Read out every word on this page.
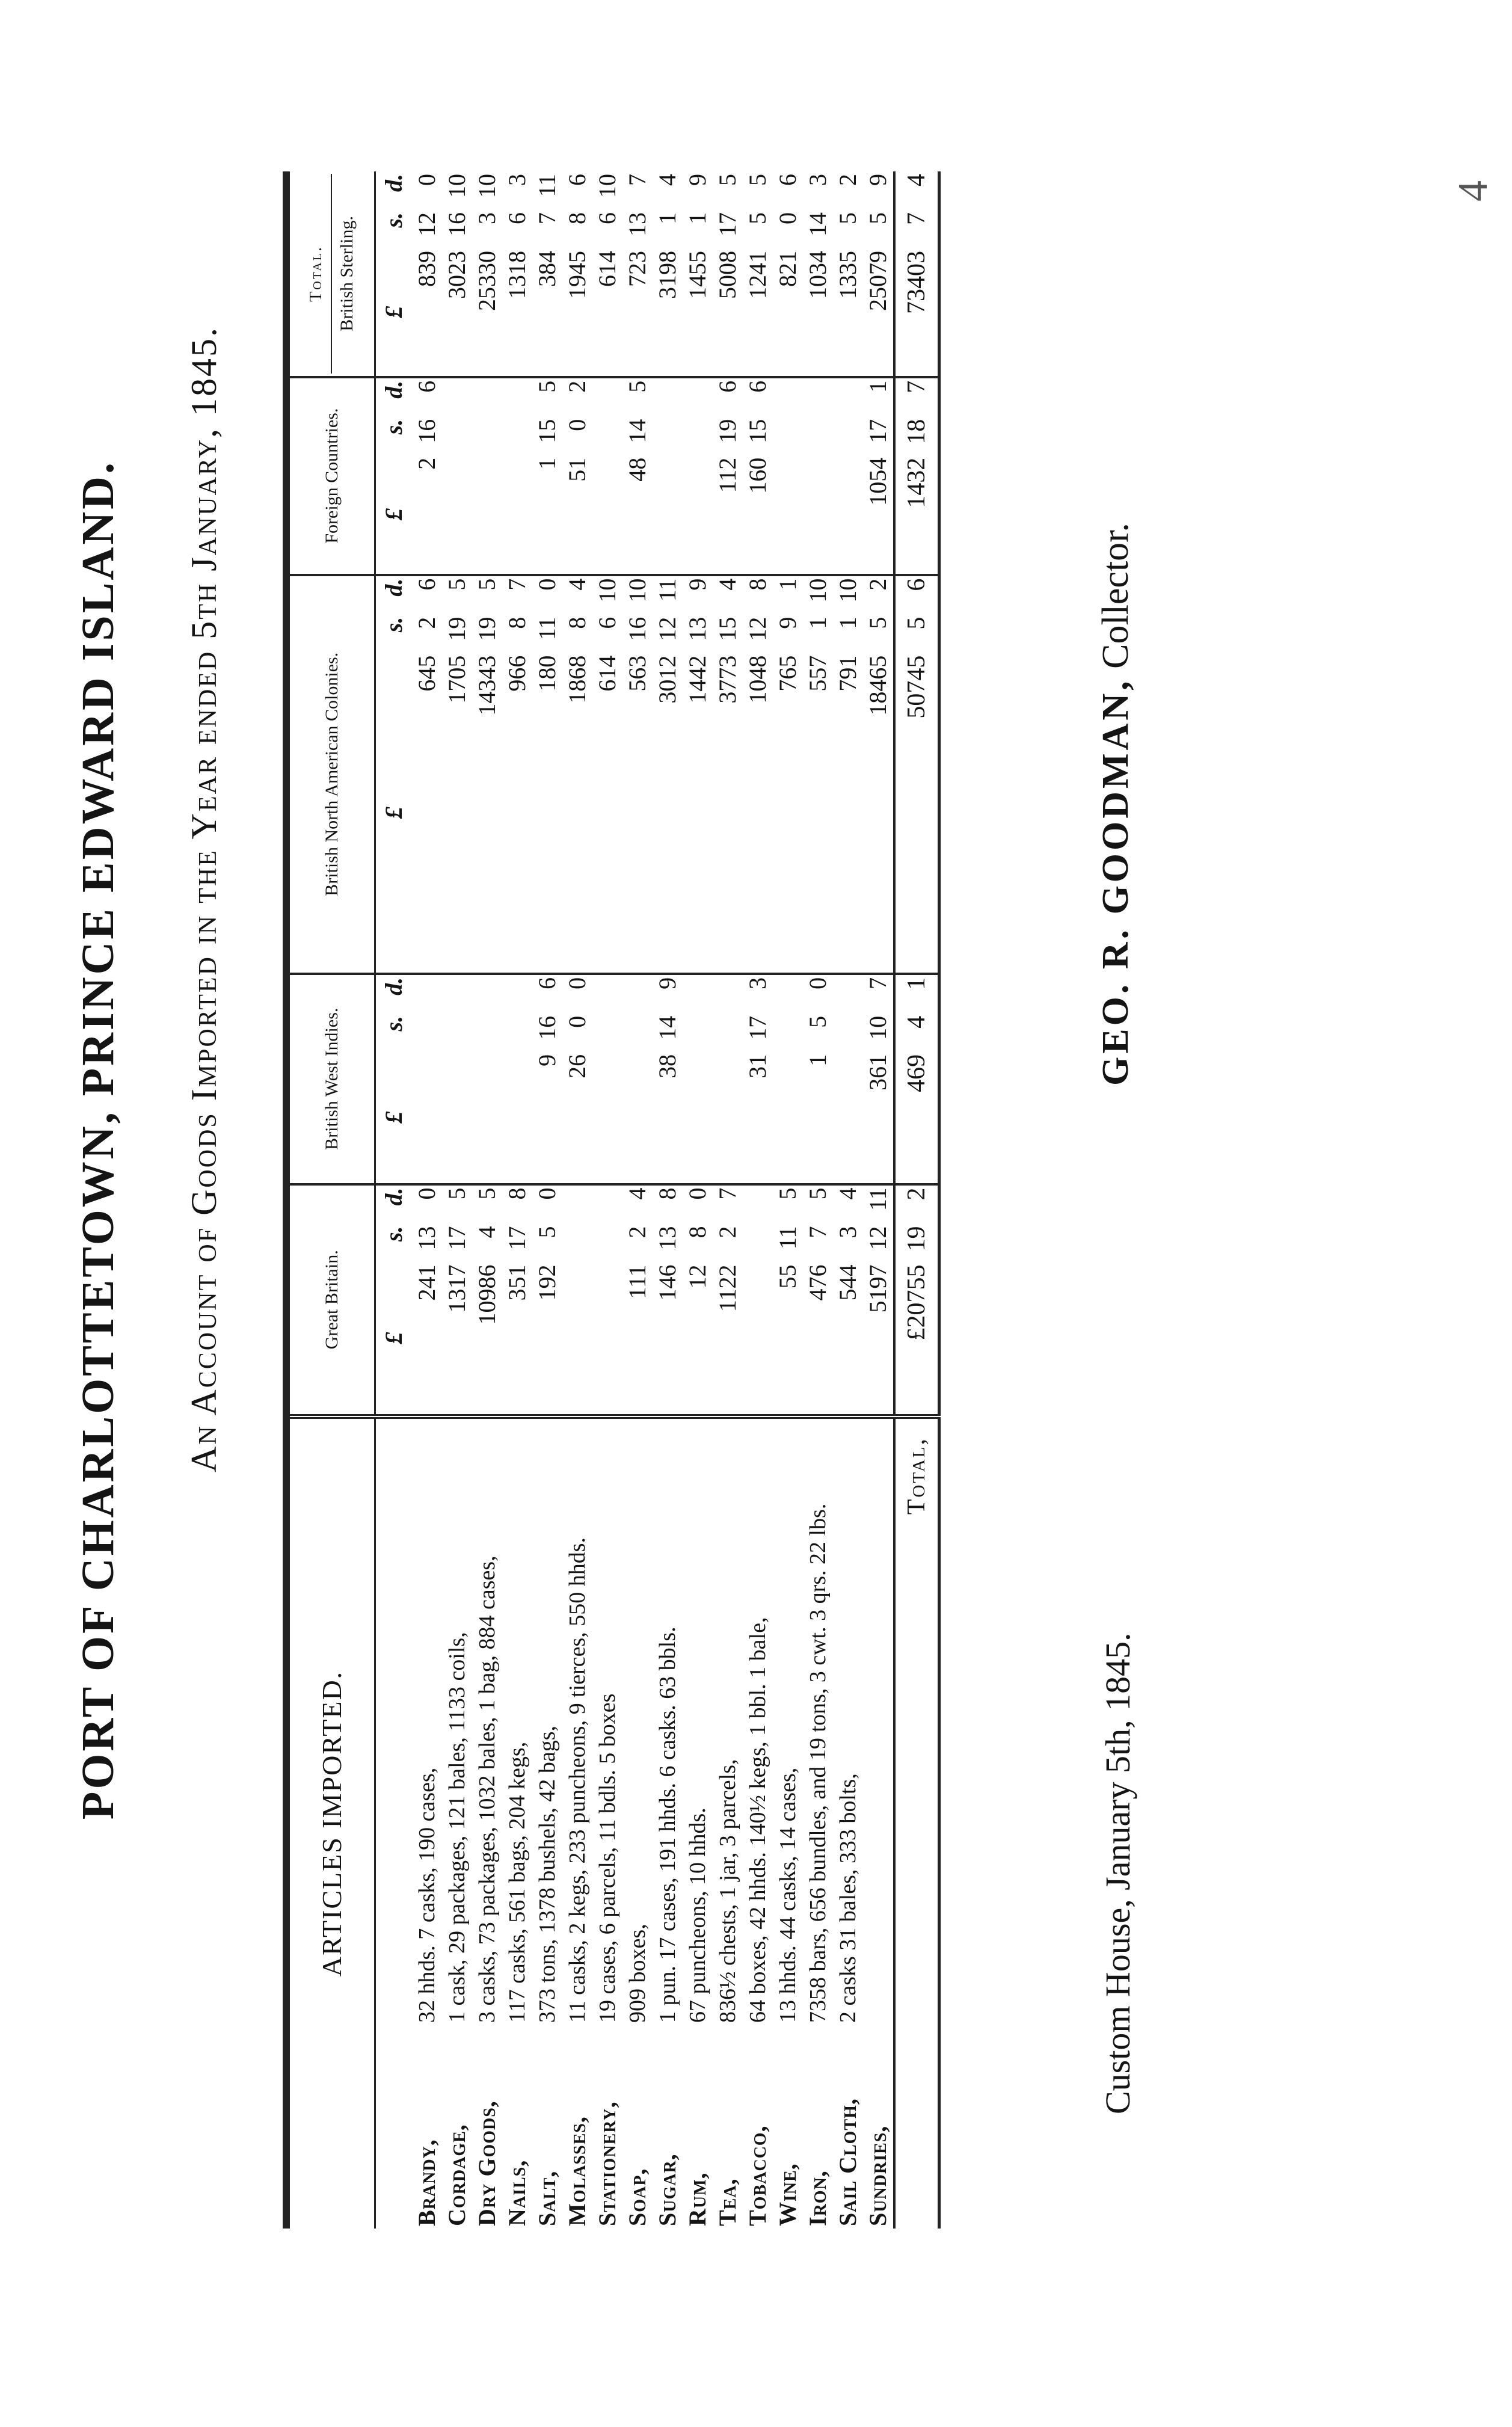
PORT OF CHARLOTTETOWN, PRINCE EDWARD ISLAND. An Account of Goods Imported in the Year ended 5th January, 1845.
ARTICLES IMPORTED.		Great Britain.			British West Indies.			British North American Colonies.			Foreign Countries.			Total. British Sterling.		
		£	s.	d.	£	s.	d.	£	s.	d.	£	s.	d.	£	s.	d.
Brandy,	32 hhds. 7 casks, 190 cases,	241	13	0				645	2	6	2	16	6	839	12	0
Cordage,	1 cask, 29 packages, 121 bales, 1133 coils,	1317	17	5				1705	19	5				3023	16	10
Dry Goods,	3 casks, 73 packages, 1032 bales, 1 bag, 884 cases,	10986	4	5				14343	19	5				25330	3	10
Nails,	117 casks, 561 bags, 204 kegs,	351	17	8				966	8	7				1318	6	3
Salt,	373 tons, 1378 bushels, 42 bags,	192	5	0	9	16	6	180	11	0	1	15	5	384	7	11
Molasses,	11 casks, 2 kegs, 233 puncheons, 9 tierces, 550 hhds.				26	0	0	1868	8	4	51	0	2	1945	8	6
Stationery,	19 cases, 6 parcels, 11 bdls. 5 boxes							614	6	10				614	6	10
Soap,	909 boxes,	111	2	4				563	16	10	48	14	5	723	13	7
Sugar,	1 pun. 17 cases, 191 hhds. 6 casks. 63 bbls.	146	13	8	38	14	9	3012	12	11				3198	1	4
Rum,	67 puncheons, 10 hhds.	12	8	0				1442	13	9				1455	1	9
Tea,	836½ chests, 1 jar, 3 parcels,	1122	2	7				3773	15	4	112	19	6	5008	17	5
Tobacco,	64 boxes, 42 hhds. 140½ kegs, 1 bbl. 1 bale,				31	17	3	1048	12	8	160	15	6	1241	5	5
Wine,	13 hhds. 44 casks, 14 cases,	55	11	5				765	9	1				821	0	6
Iron,	7358 bars, 656 bundles, and 19 tons, 3 cwt. 3 qrs. 22 lbs.	476	7	5	1	5	0	557	1	10				1034	14	3
Sail Cloth,	2 casks 31 bales, 333 bolts,	544	3	4				791	1	10				1335	5	2
Sundries,		5197	12	11	361	10	7	18465	5	2	1054	17	1	25079	5	9
Total,		£20755	19	2	469	4	1	50745	5	6	1432	18	7	73403	7	4
Custom House, January 5th, 1845.
GEO. R. GOODMAN, Collector.
4
